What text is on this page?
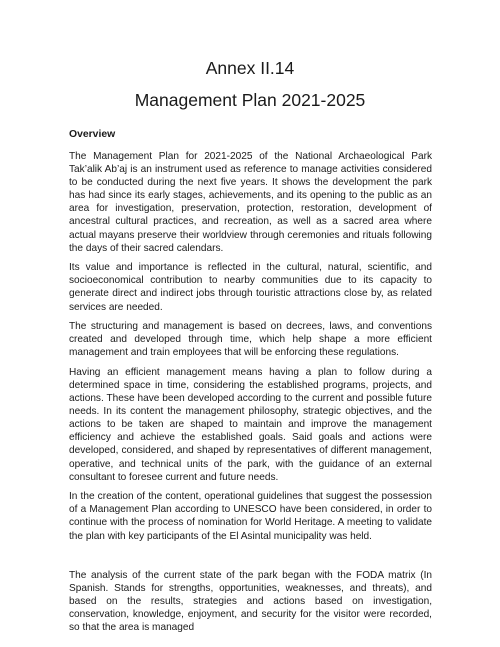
Annex II.14
Management Plan 2021-2025
Overview

The Management Plan for 2021-2025 of the National Archaeological Park Tak’alik Ab’aj is an instrument used as reference to manage activities considered to be conducted during the next five years. It shows the development the park has had since its early stages, achievements, and its opening to the public as an area for investigation, preservation, protection, restoration, development of ancestral cultural practices, and recreation, as well as a sacred area where actual mayans preserve their worldview through ceremonies and rituals following the days of their sacred calendars.

Its value and importance is reflected in the cultural, natural, scientific, and socioeconomical contribution to nearby communities due to its capacity to generate direct and indirect jobs through touristic attractions close by, as related services are needed.

The structuring and management is based on decrees, laws, and conventions created and developed through time, which help shape a more efficient management and train employees that will be enforcing these regulations.

Having an efficient management means having a plan to follow during a determined space in time, considering the established programs, projects, and actions. These have been developed according to the current and possible future needs. In its content the management philosophy, strategic objectives, and the actions to be taken are shaped to maintain and improve the management efficiency and achieve the established goals. Said goals and actions were developed, considered, and shaped by representatives of different management, operative, and technical units of the park, with the guidance of an external consultant to foresee current and future needs.

In the creation of the content, operational guidelines that suggest the possession of a Management Plan according to UNESCO have been considered, in order to continue with the process of nomination for World Heritage. A meeting to validate the plan with key participants of the El Asintal municipality was held.

The analysis of the current state of the park began with the FODA matrix (In Spanish. Stands for strengths, opportunities, weaknesses, and threats), and based on the results, strategies and actions based on investigation, conservation, knowledge, enjoyment, and security for the visitor were recorded, so that the area is managed
